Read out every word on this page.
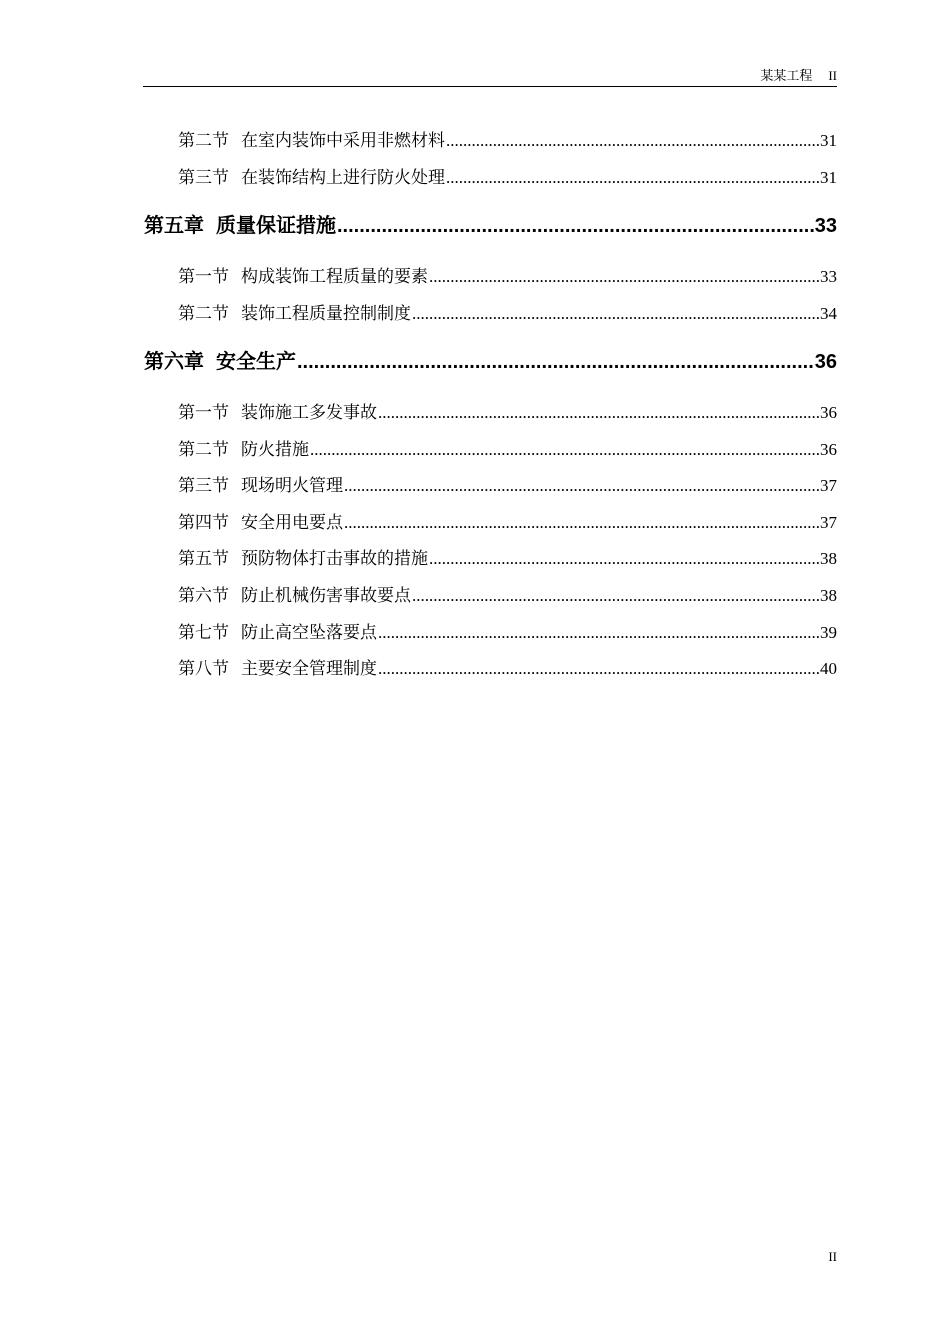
某某工程 II
第二节 在室内装饰中采用非燃材料 .....	31
第三节 在装饰结构上进行防火处理 .....	31
第五章 质量保证措施 .....	33
第一节 构成装饰工程质量的要素 .....	33
第二节 装饰工程质量控制制度 .....	34
第六章 安全生产 .....	36
第一节 装饰施工多发事故 .....	36
第二节 防火措施 .....	36
第三节 现场明火管理 .....	37
第四节 安全用电要点 .....	37
第五节 预防物体打击事故的措施 .....	38
第六节 防止机械伤害事故要点 .....	38
第七节 防止高空坠落要点 .....	39
第八节 主要安全管理制度 .....	40
II
